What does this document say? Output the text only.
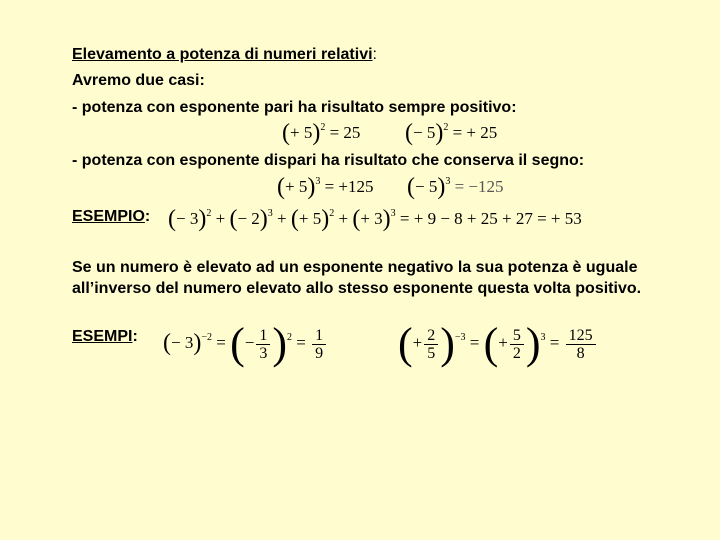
Elevamento a potenza di numeri relativi:
Avremo due casi:
- potenza con esponente pari ha risultato sempre positivo:
(+ 5)$^2$ = 25 (− 5)$^2$ = + 25
- potenza con esponente dispari ha risultato che conserva il segno:
(+ 5)$^3$ = +125 (− 5)$^3$ = −125
ESEMPIO: (− 3)$^2$ + (− 2)$^3$ + (+ 5)$^2$ + (+ 3)$^3$ = + 9 − 8 + 25 + 27 = + 53
Se un numero è elevato ad un esponente negativo la sua potenza è uguale all’inverso del numero elevato allo stesso esponente questa volta positivo.
ESEMPI: (− 3)$^{-2}$ = (− $\frac{1}{3} )^2 = \frac{1}{9}$ (+ $\frac{2}{5} )^{-3}$ = (+ $\frac{5}{2} )^3 = \frac{125}{8}$
